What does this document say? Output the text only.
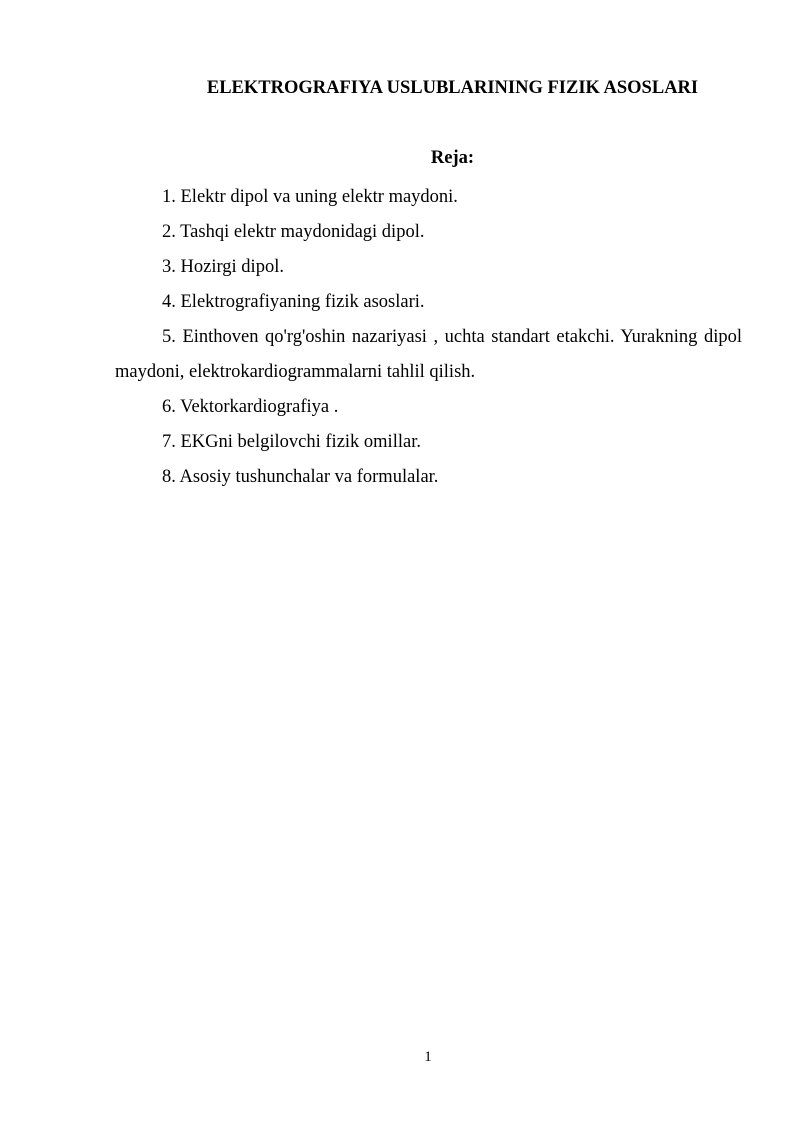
ELEKTROGRAFIYA USLUBLARINING FIZIK ASOSLARI
Reja:
1. Elektr dipol va uning elektr maydoni.
2. Tashqi elektr maydonidagi dipol.
3. Hozirgi dipol.
4. Elektrografiyaning fizik asoslari.
5. Einthoven qo'rg'oshin nazariyasi , uchta standart etakchi. Yurakning dipol maydoni, elektrokardiogrammalarni tahlil qilish.
6. Vektorkardiografiya .
7. EKGni belgilovchi fizik omillar.
8. Asosiy tushunchalar va formulalar.
1
